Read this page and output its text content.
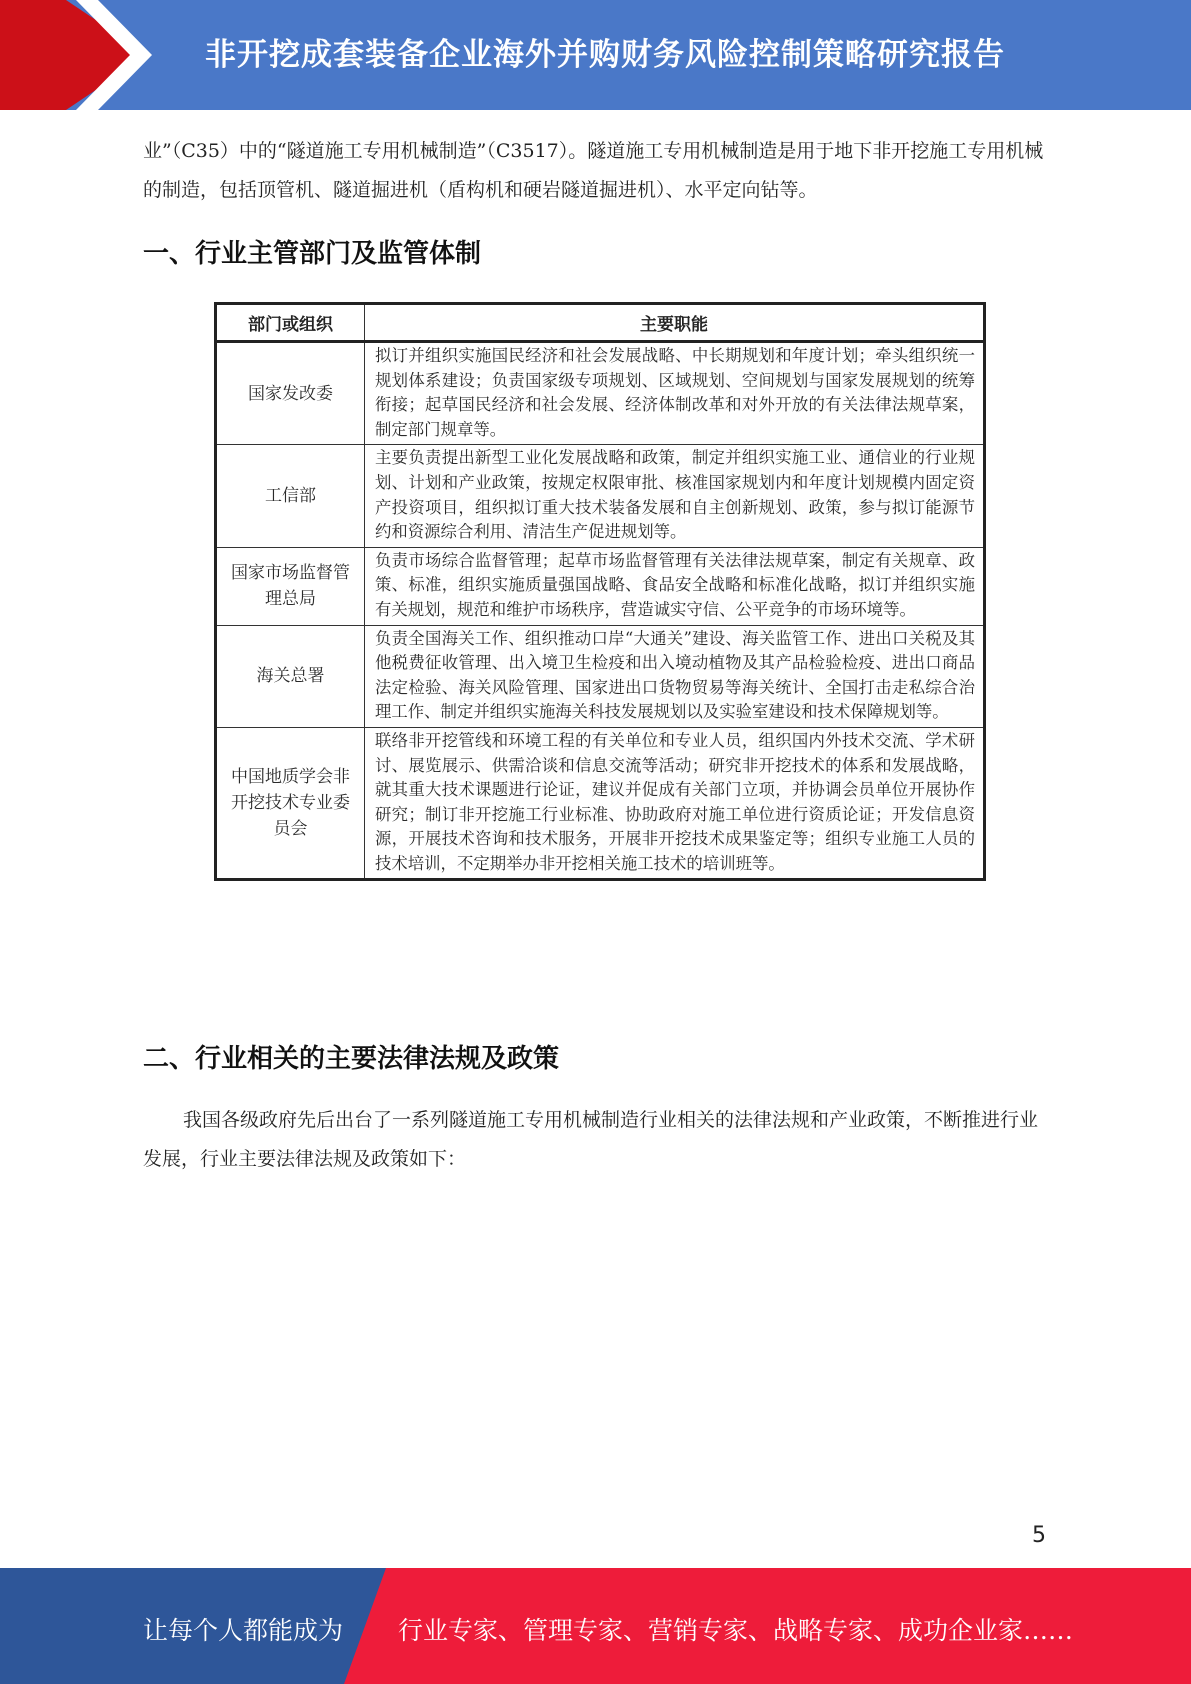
非开挖成套装备企业海外并购财务风险控制策略研究报告

业”（C35）中的“隧道施工专用机械制造”（C3517）。隧道施工专用机械制造是用于地下非开挖施工专用机械的制造，包括顶管机、隧道掘进机（盾构机和硬岩隧道掘进机）、水平定向钻等。

一、行业主管部门及监管体制
部门或组织	主要职能
国家发改委	拟订并组织实施国民经济和社会发展战略、中长期规划和年度计划；牵头组织统一规划体系建设；负责国家级专项规划、区域规划、空间规划与国家发展规划的统筹衔接；起草国民经济和社会发展、经济体制改革和对外开放的有关法律法规草案，制定部门规章等。
工信部	主要负责提出新型工业化发展战略和政策，制定并组织实施工业、通信业的行业规划、计划和产业政策，按规定权限审批、核准国家规划内和年度计划规模内固定资产投资项目，组织拟订重大技术装备发展和自主创新规划、政策，参与拟订能源节约和资源综合利用、清洁生产促进规划等。
国家市场监督管理总局	负责市场综合监督管理；起草市场监督管理有关法律法规草案，制定有关规章、政策、标准，组织实施质量强国战略、食品安全战略和标准化战略，拟订并组织实施有关规划，规范和维护市场秩序，营造诚实守信、公平竞争的市场环境等。
海关总署	负责全国海关工作、组织推动口岸“大通关”建设、海关监管工作、进出口关税及其他税费征收管理、出入境卫生检疫和出入境动植物及其产品检验检疫、进出口商品法定检验、海关风险管理、国家进出口货物贸易等海关统计、全国打击走私综合治理工作、制定并组织实施海关科技发展规划以及实验室建设和技术保障规划等。
中国地质学会非开挖技术专业委员会	联络非开挖管线和环境工程的有关单位和专业人员，组织国内外技术交流、学术研讨、展览展示、供需洽谈和信息交流等活动；研究非开挖技术的体系和发展战略，就其重大技术课题进行论证，建议并促成有关部门立项，并协调会员单位开展协作研究；制订非开挖施工行业标准、协助政府对施工单位进行资质论证；开发信息资源，开展技术咨询和技术服务，开展非开挖技术成果鉴定等；组织专业施工人员的技术培训，不定期举办非开挖相关施工技术的培训班等。
二、行业相关的主要法律法规及政策

我国各级政府先后出台了一系列隧道施工专用机械制造行业相关的法律法规和产业政策，不断推进行业发展，行业主要法律法规及政策如下：

5
让每个人都能成为 行业专家、管理专家、营销专家、战略专家、成功企业家……
